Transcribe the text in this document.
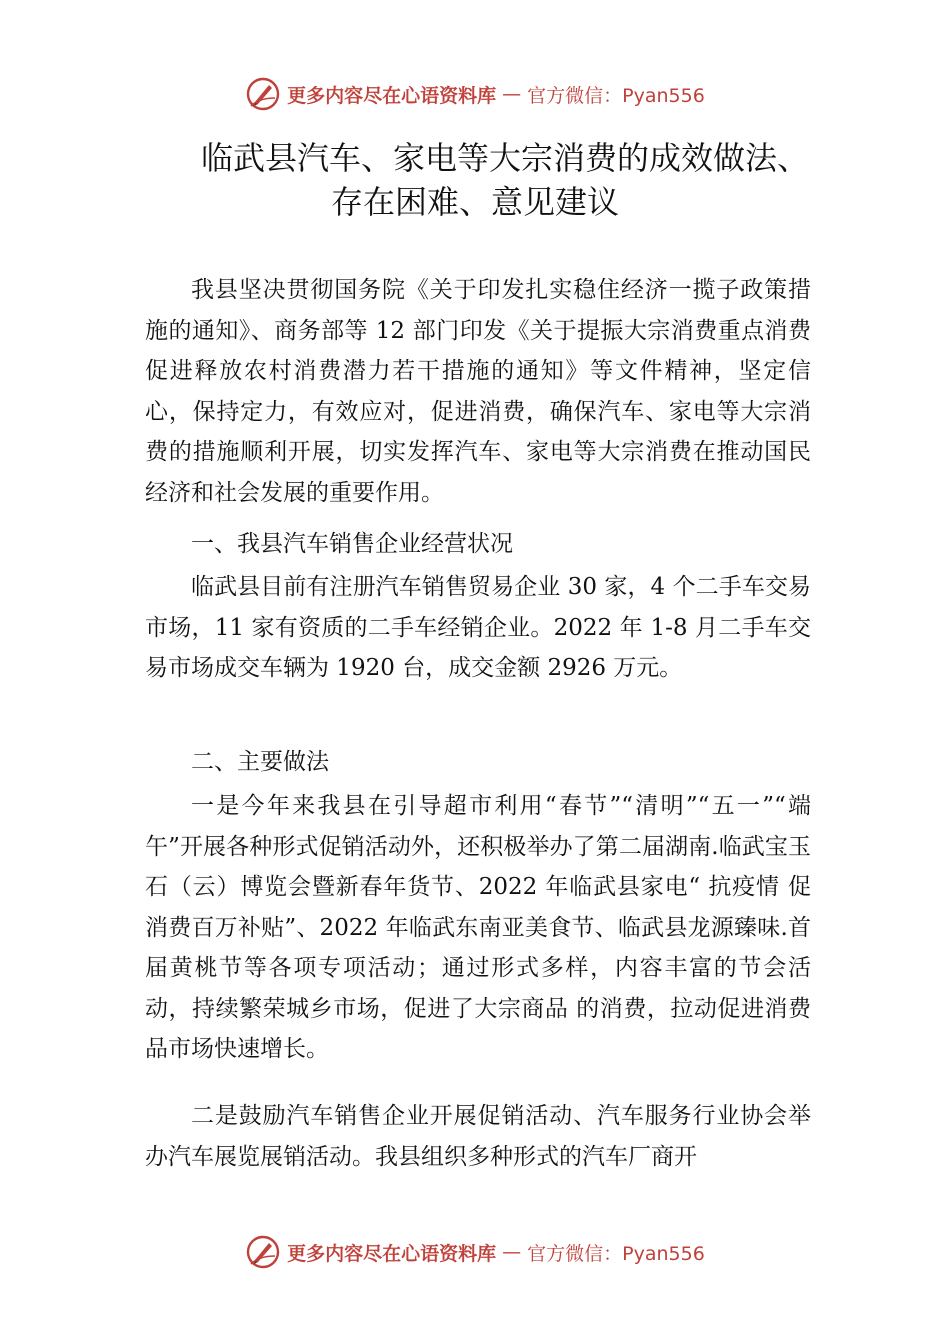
更多内容尽在心语资料库 — 官方微信：Pyan556
临武县汽车、家电等大宗消费的成效做法、
存在困难、意见建议

我县坚决贯彻国务院《关于印发扎实稳住经济一揽子政策措施的通知》、商务部等 12 部门印发《关于提振大宗消费重点消费促进释放农村消费潜力若干措施的通知》等文件精神，坚定信心，保持定力，有效应对，促进消费，确保汽车、家电等大宗消费的措施顺利开展，切实发挥汽车、家电等大宗消费在推动国民经济和社会发展的重要作用。

一、我县汽车销售企业经营状况

临武县目前有注册汽车销售贸易企业 30 家，4 个二手车交易市场，11 家有资质的二手车经销企业。2022 年 1-8 月二手车交易市场成交车辆为 1920 台，成交金额 2926 万元。

二、主要做法

一是今年来我县在引导超市利用“春节”“清明”“五一”“端午”开展各种形式促销活动外，还积极举办了第二届湖南.临武宝玉石（云）博览会暨新春年货节、2022 年临武县家电“ 抗疫情 促消费百万补贴”、2022 年临武东南亚美食节、临武县龙源臻味.首届黄桃节等各项专项活动；通过形式多样，内容丰富的节会活动，持续繁荣城乡市场，促进了大宗商品 的消费，拉动促进消费品市场快速增长。

二是鼓励汽车销售企业开展促销活动、汽车服务行业协会举办汽车展览展销活动。我县组织多种形式的汽车厂商开

更多内容尽在心语资料库 — 官方微信：Pyan556
